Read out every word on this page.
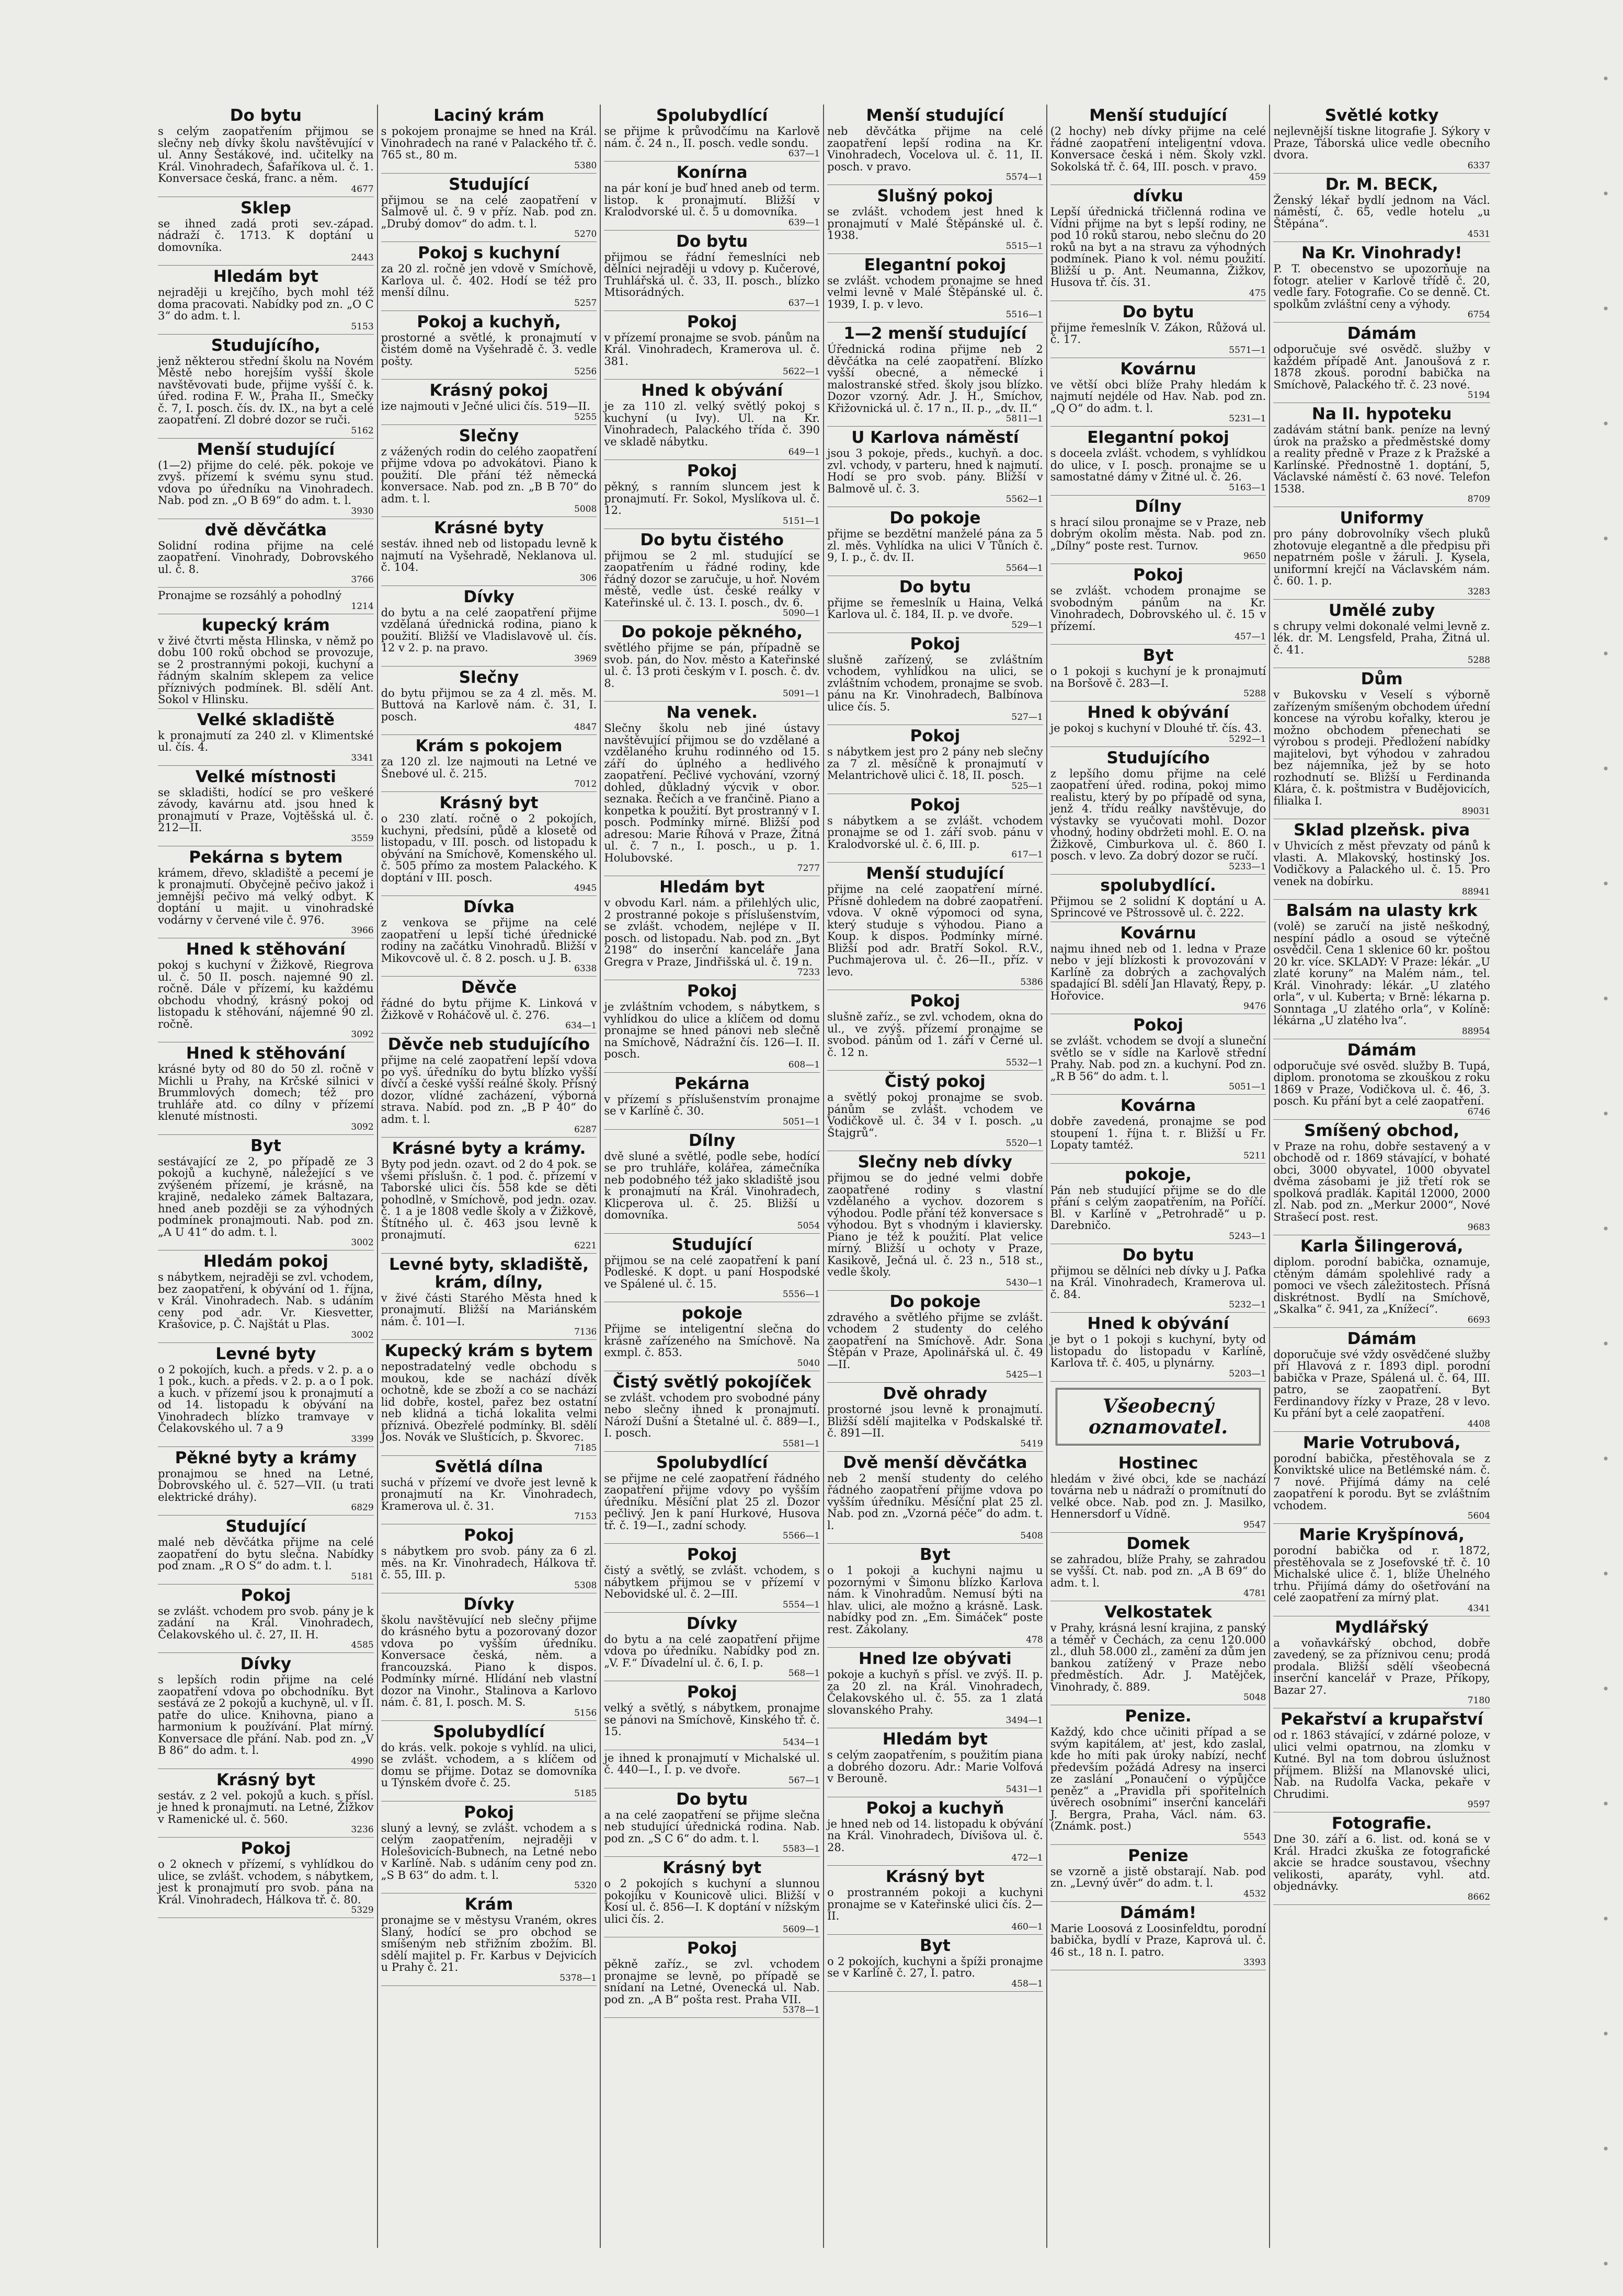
Do bytu

s celým zaopatřením přijmou se slečny neb dívky školu navštěvující v ul. Anny Šestákové, ind. učitelky na Král. Vinohradech, Šafaříkova ul. č. 1. Konversace česká, franc. a něm.

4677
Sklep

se ihned zadá proti sev.-západ. nádraží č. 1713. K doptání u domovníka.

2443
Hledám byt

nejraději u krejčího, bych mohl též doma pracovati. Nabídky pod zn. „O C 3“ do adm. t. l.

5153
Studujícího,

jenž některou střední školu na Novém Městě nebo horejším vyšší škole navštěvovati bude, přijme vyšší č. k. úřed. rodina F. W., Praha II., Smečky č. 7, I. posch. čís. dv. IX., na byt a celé zaopatření. Zl dobré dozor se ruči.

5162
Menší studující

(1—2) přijme do celé. pěk. pokoje ve zvyš. přízemí k svému synu stud. vdova po úředníku na Vinohradech. Nab. pod zn. „O B 69“ do adm. t. l.

3930
dvě děvčátka

Solidní rodina přijme na celé zaopatření. Vinohrady, Dobrovského ul. č. 8.

3766

Pronajme se rozsáhlý a pohodlný

1214
kupecký krám

v živé čtvrti města Hlinska, v němž po dobu 100 roků obchod se provozuje, se 2 prostrannými pokoji, kuchyní a řádným skalním sklepem za velice příznivých podmínek. Bl. sdělí Ant. Sokol v Hlinsku.

Velké skladiště

k pronajmutí za 240 zl. v Klimentské ul. čís. 4.

3341
Velké místnosti

se skladišti, hodící se pro veškeré závody, kavárnu atd. jsou hned k pronajmutí v Praze, Vojtěšská ul. č. 212—II.

3559
Pekárna s bytem

krámem, dřevo, skladiště a pecemí je k pronajmutí. Obyčejně pečivo jakož i jemnější pečivo má velký odbyt. K doptání u majit. u vinohradské vodárny v červené vile č. 976.

3966
Hned k stěhování

pokoj s kuchyní v Žižkově, Riegrova ul. č. 50 II. posch. najemné 90 zl. ročně. Dále v přízemí, ku každému obchodu vhodný, krásný pokoj od listopadu k stěhování, nájemné 90 zl. ročně.

3092
Hned k stěhování

krásné byty od 80 do 50 zl. ročně v Michli u Prahy, na Krčské silnici v Brummlových domech; též pro truhláře atd. co dílny v přízemí klenuté místnosti.

3092
Byt

sestávající ze 2, po případě ze 3 pokojů a kuchyně, náležející s ve zvýšeném přízemí, je krásně, na krajině, nedaleko zámek Baltazara, hned aneb později se za výhodných podmínek pronajmouti. Nab. pod zn. „A U 41“ do adm. t. l.

3002
Hledám pokoj

s nábytkem, nejraději se zvl. vchodem, bez zaopatření, k obývání od 1. října, v Král. Vinohradech. Nab. s udáním ceny pod adr. Vr. Kiesvetter, Krašovice, p. Č. Najštát u Plas.

3002
Levné byty

o 2 pokojích, kuch. a předs. v 2. p. a o 1 pok., kuch. a předs. v 2. p. a o 1 pok. a kuch. v přízemí jsou k pronajmutí a od 14. listopadu k obývání na Vinohradech blízko tramvaye v Čelakovského ul. 7 a 9

3399
Pěkné byty a krámy

pronajmou se hned na Letné, Dobrovského ul. č. 527—VII. (u trati elektrické dráhy).

6829
Studující

malé neb děvčátka přijme na celé zaopatření do bytu slečna. Nabídky pod znam. „R O S“ do adm. t. l.

5181
Pokoj

se zvlášt. vchodem pro svob. pány je k zadání na Král. Vinohradech, Čelakovského ul. č. 27, II. H.

4585
Dívky

s lepších rodin přijme na celé zaopatření vdova po obchodníku. Byt sestává ze 2 pokojů a kuchyně, ul. v II. patře do ulice. Knihovna, piano a harmonium k používání. Plat mírný. Konversace dle přání. Nab. pod zn. „V B 86“ do adm. t. l.

4990
Krásný byt

sestáv. z 2 vel. pokojů a kuch. s přísl. je hned k pronajmutí. na Letné, Žižkov v Ramenické ul. č. 560.

3236
Pokoj

o 2 oknech v přízemí, s vyhlídkou do ulice, se zvlášt. vchodem, s nábytkem, jest k pronajmutí pro svob. pána na Král. Vinohradech, Hálkova tř. č. 80.

5329
Laciný krám

s pokojem pronajme se hned na Král. Vinohradech na rané v Palackého tř. č. 765 st., 80 m.

5380
Studující

přijmou se na celé zaopatření v Salmově ul. č. 9 v příz. Nab. pod zn. „Drubý domov“ do adm. t. l.

5270
Pokoj s kuchyní

za 20 zl. ročně jen vdově v Smíchově, Karlova ul. č. 402. Hodí se též pro menší dílnu.

5257
Pokoj a kuchyň,

prostorné a světlé, k pronajmutí v čistém domě na Vyšehradě č. 3. vedle pošty.

5256
Krásný pokoj

ize najmouti v Ječné ulici čís. 519—II.

5255
Slečny

z vážených rodin do celého zaopatření přijme vdova po advokátovi. Piano k použití. Dle přání též německá konversace. Nab. pod zn. „B B 70“ do adm. t. l.

5008
Krásné byty

sestáv. ihned neb od listopadu levně k najmutí na Vyšehradě, Neklanova ul. č. 104.

306
Dívky

do bytu a na celé zaopatření přijme vzdělaná úřednická rodina, piano k použití. Bližší ve Vladislavově ul. čís. 12 v 2. p. na pravo.

3969
Slečny

do bytu přijmou se za 4 zl. měs. M. Buttová na Karlově nám. č. 31, I. posch.

4847
Krám s pokojem

za 120 zl. lze najmouti na Letné ve Šnebové ul. č. 215.

7012
Krásný byt

o 230 zlatí. ročně o 2 pokojích, kuchyni, předsíni, půdě a klosetě od listopadu, v III. posch. od listopadu k obývání na Smíchově, Komenského ul. č. 505 přímo za mostem Palackého. K doptání v III. posch.

4945
Dívka

z venkova se přijme na celé zaopatření u lepší tiché úřednické rodiny na začátku Vinohradů. Bližší v Mikovcově ul. č. 8 2. posch. u J. B.

6338
Děvče

řádné do bytu přijme K. Linková v Žižkově v Roháčově ul. č. 276.

634—1
Děvče neb studujícího

přijme na celé zaopatření lepší vdova po vyš. úředníku do bytu blízko vyšší dívčí a české vyšší reálné školy. Přísný dozor, vlídné zacházení, výborná strava. Nabíd. pod zn. „B P 40“ do adm. t. l.

6287
Krásné byty a krámy.

Byty pod jedn. ozavt. od 2 do 4 pok. se všemi příslušn. č. 1 pod. č. přízemí v Taborské ulici čís. 558 kde se děti pohodlně, v Smíchově, pod jedn. ozav. č. 1 a je 1808 vedle školy a v Žižkově, Štítného ul. č. 463 jsou levně k pronajmutí.

6221
Levné byty, skladiště, krám, dílny,

v živé části Starého Města hned k pronajmutí. Bližší na Mariánském nám. č. 101—I.

7136
Kupecký krám s bytem

nepostradatelný vedle obchodu s moukou, kde se nachází dívěk ochotně, kde se zboží a co se nachází lid dobře, kostel, pařez bez ostatní neb klidná a tichá lokalita velmi příznivá. Obezřelé podmínky. Bl. sdělí Jos. Novák ve Slušticích, p. Škvorec.

7185
Světlá dílna

suchá v přízemí ve dvoře jest levně k pronajmutí na Kr. Vinohradech, Kramerova ul. č. 31.

7153
Pokoj

s nábytkem pro svob. pány za 6 zl. měs. na Kr. Vinohradech, Hálkova tř. č. 55, III. p.

5308
Dívky

školu navštěvující neb slečny přijme do krásného bytu a pozorovaný dozor vdova po vyšším úředníku. Konversace česká, něm. a francouzská. Piano k dispos. Podmínky mírné. Hlídání neb vlastní dozor na Vinohr., Stalinova a Karlovo nám. č. 81, I. posch. M. S.

5156
Spolubydlící

do krás. velk. pokoje s vyhlíd. na ulici, se zvlášt. vchodem, a s klíčem od domu se přijme. Dotaz se domovníka u Týnském dvoře č. 25.

5185
Pokoj

sluný a levný, se zvlášt. vchodem a s celým zaopatřením, nejraději v Holešovicích-Bubnech, na Letné nebo v Karlíně. Nab. s udáním ceny pod zn. „S B 63“ do adm. t. l.

5320
Krám

pronajme se v městysu Vraném, okres Slaný, hodící se pro obchod se smíšeným neb střižním zbožím. Bl. sdělí majitel p. Fr. Karbus v Dejvicích u Prahy č. 21.

5378—1
Spolubydlící

se přijme k průvodčímu na Karlově nám. č. 24 n., II. posch. vedle sondu.

637—1
Konírna

na pár koní je buď hned aneb od term. listop. k pronajmutí. Bližší v Kralodvorské ul. č. 5 u domovníka.

639—1
Do bytu

přijmou se řádní řemeslníci neb dělníci nejraději u vdovy p. Kučerové, Truhlářská ul. č. 33, II. posch., blízko Mtisorádných.

637—1
Pokoj

v přízemí pronajme se svob. pánům na Král. Vinohradech, Kramerova ul. č. 381.

5622—1
Hned k obývání

je za 110 zl. velký světlý pokoj s kuchyní (u Ivy). Ul. na Kr. Vinohradech, Palackého třída č. 390 ve skladě nábytku.

649—1
Pokoj

pěkný, s ranním sluncem jest k pronajmutí. Fr. Sokol, Myslíkova ul. č. 12.

5151—1
Do bytu čistého

přijmou se 2 ml. studující se zaopatřením u řádné rodiny, kde řádný dozor se zaručuje, u hoř. Novém městě, vedle úst. české reálky v Kateřinské ul. č. 13. I. posch., dv. 6.

5090—1
Do pokoje pěkného,

světlého přijme se pán, případně se svob. pán, do Nov. město a Kateřinské ul. č. 13 proti českým v I. posch. č. dv. 8.

5091—1
Na venek.

Slečny školu neb jiné ústavy navštěvující přijmou se do vzdělané a vzdělaného kruhu rodinného od 15. září do úplného a hedlivého zaopatření. Pečlivé vychování, vzorný dohled, důkladný výcvik v obor. seznaka. Řečích a ve frančině. Piano a konpetka k použití. Byt prostranný v I. posch. Podmínky mírné. Bližší pod adresou: Marie Říhová v Praze, Žitná ul. č. 7 n., I. posch., u p. 1. Holubovské.

7277
Hledám byt

v obvodu Karl. nám. a přilehlých ulic, 2 prostranné pokoje s příslušenstvím, se zvlášt. vchodem, nejlépe v II. posch. od listopadu. Nab. pod zn. „Byt 2198“ do inserční kanceláře Jana Gregra v Praze, Jindřišská ul. č. 19 n.

7233
Pokoj

je zvláštním vchodem, s nábytkem, s vyhlídkou do ulice a klíčem od domu pronajme se hned pánovi neb slečně na Smíchově, Nádražní čís. 126—I. II. posch.

608—1
Pekárna

v přízemí s příslušenstvím pronajme se v Karlíně č. 30.

5051—1
Dílny

dvě sluné a světlé, podle sebe, hodící se pro truhláře, kolářea, zámečníka neb podobného též jako skladiště jsou k pronajmutí na Král. Vinohradech, Klicperova ul. č. 25. Bližší u domovníka.

5054
Studující

přijmou se na celé zaopatření k paní Podleské. K dopt. u paní Hospodské ve Spálené ul. č. 15.

5556—1
pokoje

Přijme se inteligentní slečna do krásně zařízeného na Smíchově. Na exmpl. č. 853.

5040
Čistý světlý pokojíček

se zvlášt. vchodem pro svobodné pány nebo slečny ihned k pronajmutí. Nároží Dušní a Štetalné ul. č. 889—I., I. posch.

5581—1
Spolubydlící

se přijme ne celé zaopatření řádného zaopatření přijme vdovy po vyšším úředníku. Měsíční plat 25 zl. Dozor pečlivý. Jen k paní Hurkové, Husova tř. č. 19—I., zadní schody.

5566—1
Pokoj

čistý a světlý, se zvlášt. vchodem, s nábytkem přijmou se v přízemí v Nebovidské ul. č. 2—III.

5554—1
Dívky

do bytu a na celé zaopatření přijme vdova po úředníku. Nabídky pod zn. „V. F.“ Dívadelní ul. č. 6, I. p.

568—1
Pokoj

velký a světlý, s nábytkem, pronajme se pánovi na Smíchově, Kinského tř. č. 15.

5434—1

je ihned k pronajmutí v Michalské ul. č. 440—I., I. p. ve dvoře.

567—1
Do bytu

a na celé zaopatření se přijme slečna neb studující úřednická rodina. Nab. pod zn. „S C 6“ do adm. t. l.

5583—1
Krásný byt

o 2 pokojích s kuchyní a slunnou pokojíku v Kounicově ulici. Bližší v Kosí ul. č. 856—I. K doptání v nížským ulici čís. 2.

5609—1
Pokoj

pěkně zaříz., se zvl. vchodem pronajme se levně, po případě se snídaní na Letné, Ovenecká ul. Nab. pod zn. „A B“ pošta rest. Praha VII.

5378—1
Menší studující

neb děvčátka přijme na celé zaopatření lepší rodina na Kr. Vinohradech, Vocelova ul. č. 11, II. posch. v pravo.

5574—1
Slušný pokoj

se zvlášt. vchodem jest hned k pronajmutí v Malé Štěpánské ul. č. 1938.

5515—1
Elegantní pokoj

se zvlášt. vchodem pronajme se hned velmi levně v Malé Štěpánské ul. č. 1939, I. p. v levo.

5516—1
1—2 menší studující

Úřednická rodina přijme neb 2 děvčátka na celé zaopatření. Blízko vyšší obecné, a německé i malostranské střed. školy jsou blízko. Dozor vzorný. Adr. J. H., Smíchov, Křižovnická ul. č. 17 n., II. p., „dv. II.“

5811—1
U Karlova náměstí

jsou 3 pokoje, předs., kuchyň. a doc. zvl. vchody, v parteru, hned k najmutí. Hodí se pro svob. pány. Bližší v Balmově ul. č. 3.

5562—1
Do pokoje

přijme se bezdětní manželé pána za 5 zl. měs. Vyhlídka na ulici V Tůních č. 9, I. p., č. dv. II.

5564—1
Do bytu

přijme se řemeslník u Haina, Velká Karlova ul. č. 184, II. p. ve dvoře.

529—1
Pokoj

slušně zařízený, se zvláštním vchodem, vyhlídkou na ulici, se zvláštním vchodem, pronajme se svob. pánu na Kr. Vinohradech, Balbínova ulice čís. 5.

527—1
Pokoj

s nábytkem jest pro 2 pány neb slečny za 7 zl. měsíčně k pronajmutí v Melantrichově ulici č. 18, II. posch.

525—1
Pokoj

s nábytkem a se zvlášt. vchodem pronajme se od 1. září svob. pánu v Kralodvorské ul. č. 6, III. p.

617—1
Menší studující

přijme na celé zaopatření mírné. Přísně dohledem na dobré zaopatření. vdova. V okně výpomoci od syna, který studuje s výhodou. Piano a Koup. k dispos. Podmínky mírné. Bližší pod adr. Bratří Sokol. R.V., Puchmajerova ul. č. 26—II., příz. v levo.

5386
Pokoj

slušně zaříz., se zvl. vchodem, okna do ul., ve zvýš. přízemí pronajme se svobod. pánům od 1. září v Černé ul. č. 12 n.

5532—1
Čistý pokoj

a světlý pokoj pronajme se svob. pánům se zvlášt. vchodem ve Vodičkově ul. č. 34 v I. posch. „u Štajgrů“.

5520—1
Slečny neb dívky

přijmou se do jedné velmi dobře zaopatřené rodiny s vlastní vzdělaného a vychov. dozorem s výhodou. Podle přání též konversace s výhodou. Byt s vhodným i klaviersky. Piano je též k použití. Plat velice mírný. Bližší u ochoty v Praze, Kasikově, Ječná ul. č. 23 n., 518 st., vedle školy.

5430—1
Do pokoje

zdravého a světlého přijme se zvlášt. vchodem 2 studenty do celého zaopatření na Smíchově. Adr. Sona Štěpán v Praze, Apolinářská ul. č. 49—II.

5425—1
Dvě ohrady

prostorné jsou levně k pronajmutí. Bližší sdělí majitelka v Podskalské tř. č. 891—II.

5419
Dvě menší děvčátka

neb 2 menší studenty do celého řádného zaopatření přijme vdova po vyšším úředníku. Měsíční plat 25 zl. Nab. pod zn. „Vzorná péče“ do adm. t. l.

5408
Byt

o 1 pokoji a kuchyni najmu u pozornými v Šimonu blízko Karlova nám. k Vinohradům. Nemusí býti na hlav. ulici, ale možno a krásně. Lask. nabídky pod zn. „Em. Šimáček“ poste rest. Zákolany.

478
Hned lze obývati

pokoje a kuchyň s přísl. ve zvýš. II. p. za 20 zl. na Král. Vinohradech, Čelakovského ul. č. 55. za 1 zlatá slovanského Prahy.

3494—1
Hledám byt

s celým zaopatřením, s použitím piana a dobrého dozoru. Adr.: Marie Volfová v Berouně.

5431—1
Pokoj a kuchyň

je hned neb od 14. listopadu k obývání na Král. Vinohradech, Dívišova ul. č. 28.

472—1
Krásný byt

o prostranném pokoji a kuchyni pronajme se v Kateřinské ulici čís. 2—II.

460—1
Byt

o 2 pokojích, kuchyni a špíži pronajme se v Karlíně č. 27, I. patro.

458—1
Menší studující

(2 hochy) neb dívky přijme na celé řádné zaopatření inteligentní vdova. Konversace česká i něm. Školy vzkl. Sokolská tř. č. 64, III. posch. v pravo.

459
dívku

Lepší úřednická třičlenná rodina ve Vídni přijme na byt s lepší rodiny, ne pod 10 roků starou, nebo slečnu do 20 roků na byt a na stravu za výhodných podmínek. Piano k vol. nému použití. Bližší u p. Ant. Neumanna, Žižkov, Husova tř. čís. 31.

475
Do bytu

přijme řemeslník V. Zákon, Růžová ul. č. 17.

5571—1
Kovárnu

ve větší obci blíže Prahy hledám k najmutí nejdéle od Hav. Nab. pod zn. „Q O“ do adm. t. l.

5231—1
Elegantní pokoj

s doceela zvlášt. vchodem, s vyhlídkou do ulice, v I. posch. pronajme se u samostatné dámy v Žitné ul. č. 26.

5163—1
Dílny

s hrací silou pronajme se v Praze, neb dobrým okolím města. Nab. pod zn. „Dílny“ poste rest. Turnov.

9650
Pokoj

se zvlášt. vchodem pronajme se svobodným pánům na Kr. Vinohradech, Dobrovského ul. č. 15 v přízemí.

457—1
Byt

o 1 pokoji s kuchyní je k pronajmutí na Boršově č. 283—I.

5288
Hned k obývání

je pokoj s kuchyní v Dlouhé tř. čís. 43.

5292—1
Studujícího

z lepšího domu přijme na celé zaopatření úřed. rodina, pokoj mimo realistu, který by po případě od syna, jenž 4. třídu reálky navštěvuje, do výstavky se vyučovati mohl. Dozor vhodný, hodiny obdržeti mohl. E. O. na Žižkově, Cimburkova ul. č. 860 I. posch. v levo. Za dobrý dozor se ručí.

5233—1
spolubydlící.

Přijmou se 2 solidní K doptání u A. Sprincové ve Pštrossově ul. č. 222.

Kovárnu

najmu ihned neb od 1. ledna v Praze nebo v její blízkosti k provozování v Karlíně za dobrých a zachovalých spadající Bl. sdělí Jan Hlavatý, Řepy, p. Hořovice.

9476
Pokoj

se zvlášt. vchodem se dvojí a sluneční světlo se v sídle na Karlově střední Prahy. Nab. pod zn. a kuchyní. Pod zn. „R B 56“ do adm. t. l.

5051—1
Kovárna

dobře zavedená, pronajme se pod stoupení 1. října t. r. Bližší u Fr. Lopaty tamtéž.

5211
pokoje,

Pán neb studující přijme se do dle přání s celým zaopatřením, na Poříčí. Bl. v Karlíně v „Petrohradě“ u p. Darebničo.

5243—1
Do bytu

přijmou se dělníci neb dívky u J. Paťka na Král. Vinohradech, Kramerova ul. č. 84.

5232—1
Hned k obývání

je byt o 1 pokoji s kuchyní, byty od listopadu do listopadu v Karlíně, Karlova tř. č. 405, u plynárny.

5203—1
Všeobecný oznamovatel.
Hostinec

hledám v živé obci, kde se nachází továrna neb u nádraží o promítnutí do velké obce. Nab. pod zn. J. Masilko, Hennersdorf u Vídně.

9547
Domek

se zahradou, blíže Prahy, se zahradou se vyšší. Ct. nab. pod zn. „A B 69“ do adm. t. l.

4781
Velkostatek

v Prahy, krásná lesní krajina, z panský a téměř v Čechách, za cenu 120.000 zl., dluh 58.000 zl., zamění za dům jen bankou zatížený v Praze nebo předměstích. Adr. J. Matějček, Vinohrady, č. 889.

5048
Penize.

Každý, kdo chce učiniti případ a se svým kapitálem, at' jest, kdo zaslal, kde ho míti pak úroky nabízí, nechť především požádá Adresy na inserci ze zaslání „Ponaučení o výpůjčce peněz“ a „Pravidla při spořitelních úvěrech osobními“ inserční kanceláři J. Bergra, Praha, Václ. nám. 63. (Známk. post.)

5543
Penize

se vzorně a jistě obstarají. Nab. pod zn. „Levný úvěr“ do adm. t. l.

4532
Dámám!

Marie Loosová z Loosinfeldtu, porodní babička, bydlí v Praze, Kaprová ul. č. 46 st., 18 n. I. patro.

3393
Světlé kotky

nejlevnější tiskne litografie J. Sýkory v Praze, Táborská ulice vedle obecního dvora.

6337
Dr. M. BECK,

Ženský lékař bydlí jednom na Václ. náměstí, č. 65, vedle hotelu „u Štěpána“.

4531
Na Kr. Vinohrady!

P. T. obecenstvo se upozorňuje na fotogr. atelier v Karlově třídě č. 20, vedle fary. Fotografie. Co se denně. Ct. spolkům zvláštní ceny a výhody.

6754
Dámám

odporučuje své osvědč. služby v každém případě Ant. Janoušová z r. 1878 zkouš. porodní babička na Smíchově, Palackého tř. č. 23 nové.

5194
Na II. hypoteku

zadávám státní bank. peníze na levný úrok na pražsko a předměstské domy a reality předně v Praze z k Pražské a Karlínské. Přednostně 1. doptání, 5, Václavské náměstí č. 63 nové. Telefon 1538.

8709
Uniformy

pro pány dobrovolníky všech pluků zhotovuje elegantně a dle předpisu při nepatrném pošle v žáruli. J. Kysela, uniformní krejčí na Václavském nám. č. 60. 1. p.

3283
Umělé zuby

s chrupy velmi dokonalé velmi levně z. lék. dr. M. Lengsfeld, Praha, Žitná ul. č. 41.

5288
Dům

v Bukovsku v Veselí s výborně zařízeným smíšeným obchodem úřední koncese na výrobu kořalky, kterou je možno obchodem přenechati se výrobou s prodeji. Předložení nabídky majitelovi, byt výhodou v zahradou bez nájemníka, jež by se hoto rozhodnutí se. Bližší u Ferdinanda Klára, č. k. poštmistra v Budějovicích, filialka I.

89031
Sklad plzeňsk. piva

v Uhvicích z měst převzaty od pánů k vlasti. A. Mlakovský, hostinský Jos. Vodičkovy a Palackého ul. č. 15. Pro venek na dobírku.

88941
Balsám na ulasty krk

(volě) se zaručí na jistě neškodný, nespíní pádlo a osoud se výtečně osvědčil. Cena 1 sklenice 60 kr. poštou 20 kr. více. SKLADY: V Praze: lékár. „U zlaté koruny“ na Malém nám., tel. Král. Vinohrady: lékár. „U zlatého orla“, v ul. Kuberta; v Brně: lékarna p. Sonntaga „U zlatého orla“, v Kolíně: lékárna „U zlatého lva“.

88954
Dámám

odporučuje své osvěd. služby B. Tupá, diplom. pronotoma se zkouškou z roku 1869 v Praze, Vodičkova ul. č. 46, 3. posch. Ku přání byt a celé zaopatření.

6746
Smíšený obchod,

v Praze na rohu, dobře sestavený a v obchodě od r. 1869 stávající, v bohaté obci, 3000 obyvatel, 1000 obyvatel dvěma zásobami je již třetí rok se spolková pradlák. Kapitál 12000, 2000 zl. Nab. pod zn. „Merkur 2000“, Nové Strašecí post. rest.

9683
Karla Šilingerová,

diplom. porodní babička, oznamuje, ctěným dámám spolehlivé rady a pomoci ve všech záležitostech. Přísná diskrétnost. Bydlí na Smíchově, „Skalka“ č. 941, za „Knížecí“.

6693
Dámám

doporučuje své vždy osvědčené služby při Hlavová z r. 1893 dipl. porodní babička v Praze, Spálená ul. č. 64, III. patro, se zaopatření. Byt Ferdinandovy řízky v Praze, 28 v levo. Ku přání byt a celé zaopatření.

4408
Marie Votrubová,

porodní babička, přestěhovala se z Konviktské ulice na Betlémské nám. č. 7 nové. Přijímá dámy na celé zaopatření k porodu. Byt se zvláštním vchodem.

5604
Marie Kryšpínová,

porodní babička od r. 1872, přestěhovala se z Josefovské tř. č. 10 Michalské ulice č. 1, blíže Úhelného trhu. Přijímá dámy do ošetřování na celé zaopatření za mírný plat.

4341
Mydlářský

a voňavkářský obchod, dobře zavedený, se za příznivou cenu; prodá prodala. Bližší sdělí všeobecná inserční kancelář v Praze, Příkopy, Bazar 27.

7180
Pekařství a krupařství

od r. 1863 stávající, v zdárné poloze, v ulici velmi opatrnou, na zlomku v Kutné. Byl na tom dobrou úslužnost příjmem. Bližší na Mlanovské ulici, Nab. na Rudolfa Vacka, pekaře v Chrudimi.

9597
Fotografie.

Dne 30. září a 6. list. od. koná se v Král. Hradci zkuška ze fotografické akcie se hradce soustavou, všechny velikosti, aparáty, vyhl. atd. objednávky.

8662
